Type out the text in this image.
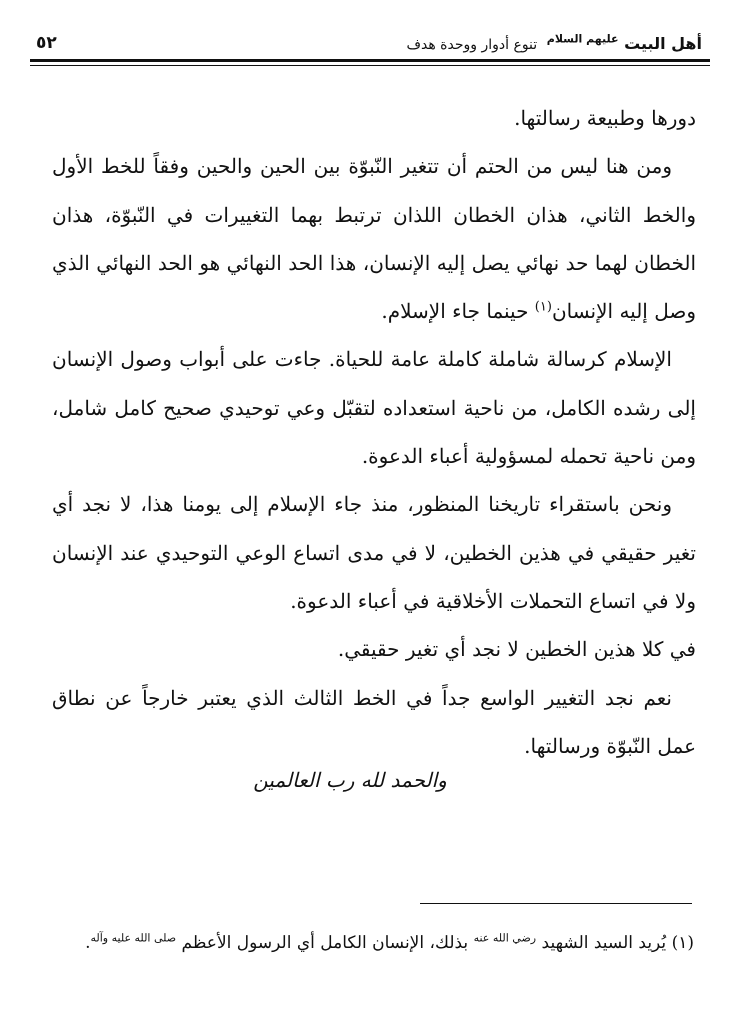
أهل البيت $^{عليهم السلام}$ تنوع أدوار ووحدة هدف
٥٢

دورها وطبيعة رسالتها.

ومن هنا ليس من الحتم أن تتغير النّبوّة بين الحين والحين وفقاً للخط الأول والخط الثاني، هذان الخطان اللذان ترتبط بهما التغييرات في النّبوّة، هذان الخطان لهما حد نهائي يصل إليه الإنسان، هذا الحد النهائي هو الحد النهائي الذي وصل إليه الإنسان$^{(١)}$ حينما جاء الإسلام.

الإسلام كرسالة شاملة كاملة عامة للحياة. جاءت على أبواب وصول الإنسان إلى رشده الكامل، من ناحية استعداده لتقبّل وعي توحيدي صحيح كامل شامل، ومن ناحية تحمله لمسؤولية أعباء الدعوة.

ونحن باستقراء تاريخنا المنظور، منذ جاء الإسلام إلى يومنا هذا، لا نجد أي تغير حقيقي في هذين الخطين، لا في مدى اتساع الوعي التوحيدي عند الإنسان ولا في اتساع التحملات الأخلاقية في أعباء الدعوة.

في كلا هذين الخطين لا نجد أي تغير حقيقي.

نعم نجد التغيير الواسع جداً في الخط الثالث الذي يعتبر خارجاً عن نطاق عمل النّبوّة ورسالتها.

والحمد لله رب العالمين
(١) يُريد السيد الشهيد $^{رضي الله عنه}$ بذلك، الإنسان الكامل أي الرسول الأعظم $^{صلى الله عليه وآله}$.
